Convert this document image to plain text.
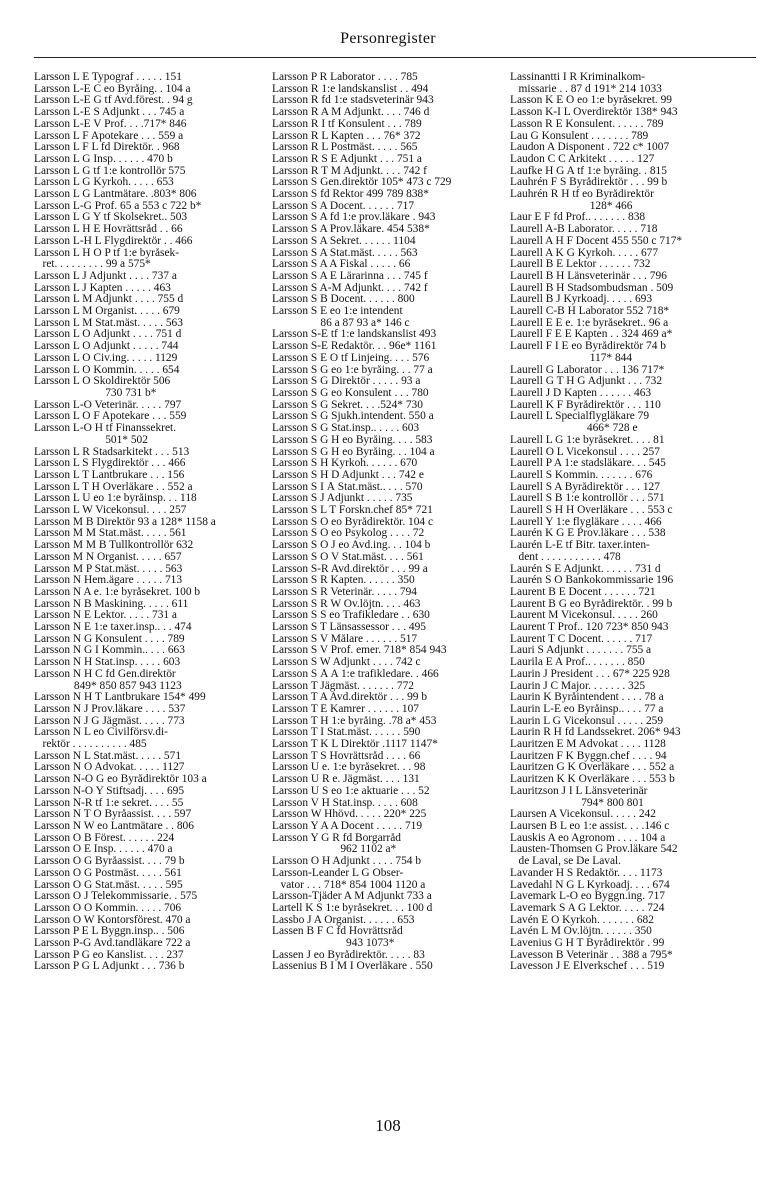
Personregister
Larsson L E Typograf . . . . . 151
Larsson L-E C eo Byråing. . 104 a
Larsson L-E G tf Avd.förest. . 94 g
Larsson L-E S Adjunkt . . . 745 a
Larsson L-E V Prof. . . .717* 846
Larsson L F Apotekare . . . 559 a
Larsson L F L fd Direktör. . 968
Larsson L G Insp. . . . . . 470 b
Larsson L G tf 1:e kontrollör 575
Larsson L G Kyrkoh. . . . . 653
Larsson L G Lantmätare. .803* 806
Larsson L-G Prof. 65 a 553 c 722 b*
Larsson L G Y tf Skolsekret.. 503
Larsson L H E Hovrättsråd . . 66
Larsson L-H L Flygdirektör . . 466
Larsson L H O P tf 1:e byråsek-
ret. . . . . . . . . 99 a 575*
Larsson L J Adjunkt . . . . 737 a
Larsson L J Kapten . . . . . 463
Larsson L M Adjunkt . . . . 755 d
Larsson L M Organist. . . . . 679
Larsson L M Stat.mäst. . . . . 563
Larsson L O Adjunkt . . . . 751 d
Larsson L O Adjunkt . . . . . 744
Larsson L O Civ.ing. . . . . 1129
Larsson L O Kommin. . . . . 654
Larsson L O Skoldirektör 506
730 731 b*
Larsson L-O Veterinär. . . . . 797
Larsson L O F Apotekare . . . 559
Larsson L-O H tf Finanssekret.
501* 502
Larsson L R Stadsarkitekt . . . 513
Larsson L S Flygdirektör . . . 466
Larsson L T Lantbrukare . . . 156
Larsson L T H Överläkare . . 552 a
Larsson L U eo 1:e byråinsp. . . 118
Larsson L W Vicekonsul. . . . 257
Larsson M B Direktör 93 a 128* 1158 a
Larsson M M Stat.mäst. . . . . 561
Larsson M M B Tullkontrollör 632
Larsson M N Organist. . . . . 657
Larsson M P Stat.mäst. . . . . 563
Larsson N Hem.ägare . . . . . 713
Larsson N A e. 1:e byråsekret. 100 b
Larsson N B Maskining. . . . . 611
Larsson N E Lektor. . . . . 731 a
Larsson N E 1:e taxer.insp.. . . 474
Larsson N G Konsulent . . . . 789
Larsson N G I Kommin.. . . . 663
Larsson N H Stat.insp. . . . . 603
Larsson N H C fd Gen.direktör
849* 850 857 943 1123
Larsson N H T Lantbrukare 154* 499
Larsson N J Prov.läkare . . . . 537
Larsson N J G Jägmäst. . . . . 773
Larsson N L eo Civilförsv.di-
rektör . . . . . . . . . . 485
Larsson N L Stat.mäst. . . . . 571
Larsson N O Advokat. . . . . 1127
Larsson N-O G eo Byrådirektör 103 a
Larsson N-O Y Stiftsadj. . . . 695
Larsson N-R tf 1:e sekret. . . . 55
Larsson N T O Byråassist. . . . 597
Larsson N W eo Lantmätare . . 806
Larsson O B Förest. . . . . . 224
Larsson O E Insp. . . . . . 470 a
Larsson O G Byråassist. . . . 79 b
Larsson O G Postmäst. . . . . 561
Larsson O G Stat.mäst. . . . . 595
Larsson O J Telekommissarie. . 575
Larsson O O Kommin. . . . . 706
Larsson O W Kontorsförest. 470 a
Larsson P E L Byggn.insp.. . 506
Larsson P-G Avd.tandläkare 722 a
Larsson P G eo Kanslist. . . . 237
Larsson P G L Adjunkt . . . 736 b
Larsson P R Laborator . . . . 785
Larsson R 1:e landskanslist . . 494
Larsson R fd 1:e stadsveterinär 943
Larsson R A M Adjunkt. . . . 746 d
Larsson R I tf Konsulent . . . 789
Larsson R L Kapten . . . 76* 372
Larsson R L Postmäst. . . . . 565
Larsson R S E Adjunkt . . . 751 a
Larsson R T M Adjunkt. . . . 742 f
Larsson S Gen.direktör 105* 473 c 729
Larsson S fd Rektor 499 789 838*
Larsson S A Docent. . . . . . 717
Larsson S A fd 1:e prov.läkare . 943
Larsson S A Prov.läkare. 454 538*
Larsson S A Sekret. . . . . . 1104
Larsson S A Stat.mäst. . . . . 563
Larsson S A A Fiskal . . . . . 66
Larsson S A E Lärarinna . . . 745 f
Larsson S A-M Adjunkt. . . . 742 f
Larsson S B Docent. . . . . . 800
Larsson S E eo 1:e intendent
86 a 87 93 a* 146 c
Larsson S-E tf 1:e landskanslist 493
Larsson S-E Redaktör. . . 96e* 1161
Larsson S E O tf Linjeing. . . . 576
Larsson S G eo 1:e byråing. . . 77 a
Larsson S G Direktör . . . . . 93 a
Larsson S G eo Konsulent . . . 780
Larsson S G Sekret. . . .524* 730
Larsson S G Sjukh.intendent. 550 a
Larsson S G Stat.insp.. . . . . 603
Larsson S G H eo Byråing. . . . 583
Larsson S G H eo Byråing. . . 104 a
Larsson S H Kyrkoh. . . . . . 670
Larsson S H D Adjunkt . . . 742 e
Larsson S I Å Stat.mäst.. . . . 570
Larsson S J Adjunkt . . . . . 735
Larsson S L T Forskn.chef 85* 721
Larsson S O eo Byrådirektör. 104 c
Larsson S O eo Psykolog . . . . 72
Larsson S O J eo Avd.ing. . . 104 b
Larsson S O V Stat.mäst. . . . 561
Larsson S-R Avd.direktör . . . 99 a
Larsson S R Kapten. . . . . . 350
Larsson S R Veterinär. . . . . 794
Larsson S R W Öv.löjtn. . . . 463
Larsson S S eo Trafikledare . . 630
Larsson S T Länsassessor . . . 495
Larsson S V Målare . . . . . . 517
Larsson S V Prof. emer. 718* 854 943
Larsson S W Adjunkt . . . . 742 c
Larsson S Å A 1:e trafikledare. . 466
Larsson T Jägmäst. . . . . . . 772
Larsson T A Avd.direktör . . . 99 b
Larsson T E Kamrer . . . . . . 107
Larsson T H 1:e byråing. .78 a* 453
Larsson T I Stat.mäst. . . . . . 590
Larsson T K L Direktör .1117 1147*
Larsson T S Hovrättsråd . . . . 66
Larsson U e. 1:e byråsekret. . . 98
Larsson U R e. Jägmäst. . . . 131
Larsson U S eo 1:e aktuarie . . . 52
Larsson V H Stat.insp. . . . . 608
Larsson W Hhövd. . . . . 220* 225
Larsson Y A A Docent . . . . . 719
Larsson Y G R fd Borgarråd
962 1102 a*
Larsson Ö H Adjunkt . . . . 754 b
Larsson-Leander L G Obser-
vator . . . 718* 854 1004 1120 a
Larsson-Tjäder A M Adjunkt 733 a
Lartell K S 1:e byråsekret. . . 100 d
Lassbo J A Organist. . . . . . 653
Lassen B F C fd Hovrättsråd
943 1073*
Lassen J eo Byrådirektör. . . . . 83
Lassenius B I M I Överläkare . 550
Lassinantti I R Kriminalkom-
missarie . . 87 d 191* 214 1033
Lasson K E O eo 1:e byråsekret. 99
Lasson K-I L Överdirektör 138* 943
Lasson R E Konsulent. . . . . . 789
Lau G Konsulent . . . . . . . 789
Laudon A Disponent . 722 c* 1007
Laudon C C Arkitekt . . . . . 127
Laufke H G A tf 1:e byråing. . 815
Lauhrén F S Byrådirektör . . . 99 b
Lauhrén R H tf eo Byrådirektör
128* 466
Laur E F fd Prof.. . . . . . . 838
Laurell A-B Laborator. . . . . 718
Laurell A H F Docent 455 550 c 717*
Laurell A K G Kyrkoh. . . . . 677
Laurell B E Lektor . . . . . . 732
Laurell B H Länsveterinär . . . 796
Laurell B H Stadsombudsman . 509
Laurell B J Kyrkoadj. . . . . 693
Laurell C-B H Laborator 552 718*
Laurell E E e. 1:e byråsekret.. 96 a
Laurell F E E Kapten . . 324 469 a*
Laurell F I E eo Byrådirektör 74 b
117* 844
Laurell G Laborator . . . 136 717*
Laurell G T H G Adjunkt . . . 732
Laurell J D Kapten . . . . . . 463
Laurell K F Byrådirektör . . . 110
Laurell L Specialflygläkare 79
466* 728 e
Laurell L G 1:e byråsekret. . . . 81
Laurell O L Vicekonsul . . . . 257
Laurell P A 1:e stadsläkare. . . 545
Laurell S Kommin. . . . . . . 676
Laurell S A Byrådirektör . . . 127
Laurell S B 1:e kontrollör . . . 571
Laurell S H H Överläkare . . . 553 c
Laurell Y 1:e flygläkare . . . . 466
Laurén K G E Prov.läkare . . . 538
Laurén L-E tf Bitr. taxer.inten-
dent . . . . . . . . . . . 478
Laurén S E Adjunkt. . . . . . 731 d
Laurén S O Bankokommissarie 196
Laurent B E Docent . . . . . . 721
Laurent B G eo Byrådirektör. . 99 b
Laurent M Vicekonsul. . . . . 260
Laurent T Prof.. 120 723* 850 943
Laurent T C Docent. . . . . . 717
Lauri S Adjunkt . . . . . . . 755 a
Laurila E A Prof.. . . . . . . 850
Laurin J President . . . 67* 225 928
Laurin J C Major. . . . . . . 325
Laurin K Byråintendent . . . . 78 a
Laurin L-E eo Byråinsp.. . . . 77 a
Laurin L G Vicekonsul . . . . . 259
Laurin R H fd Landssekret. 206* 943
Lauritzen E M Advokat . . . . 1128
Lauritzen F K Byggn.chef . . . . 94
Lauritzen G K Överläkare . . . 552 a
Lauritzen K K Överläkare . . . 553 b
Lauritzson J I L Länsveterinär
794* 800 801
Laursen A Vicekonsul. . . . . 242
Laursen B L eo 1:e assist. . . .146 c
Lauskis A eo Agronom . . . . 104 a
Lausten-Thomsen G Prov.läkare 542
de Laval, se De Laval.
Lavander H S Redaktör. . . . 1173
Lavedahl N G L Kyrkoadj. . . . 674
Lavemark L-O eo Byggn.ing. 717
Lavemark S A G Lektor. . . . . 724
Lavén E O Kyrkoh. . . . . . . 682
Lavén L M Öv.löjtn. . . . . . 350
Lavenius G H T Byrådirektör . 99
Lavesson B Veterinär . . 388 a 795*
Lavesson J E Elverkschef . . . 519
108
